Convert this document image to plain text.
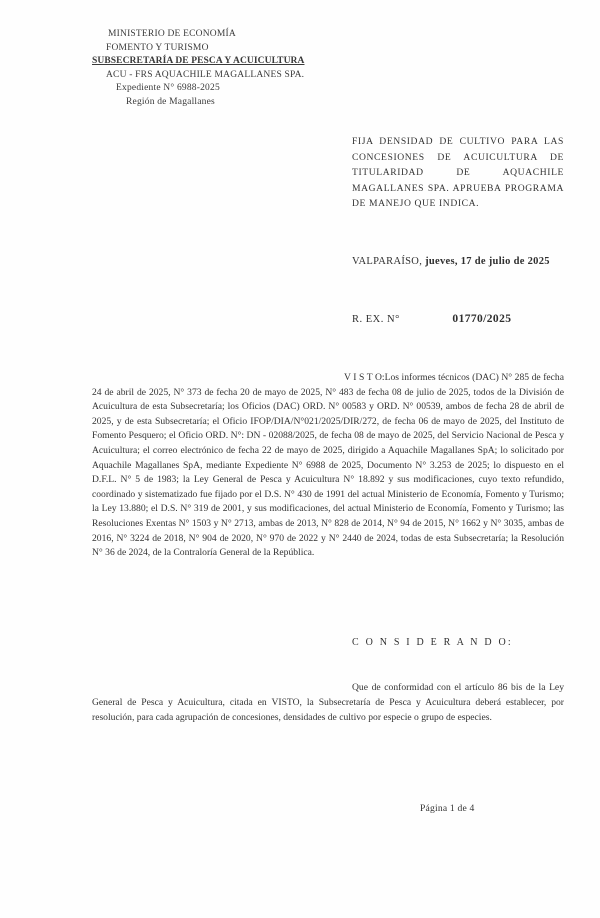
MINISTERIO DE ECONOMÍA
FOMENTO Y TURISMO
SUBSECRETARÍA DE PESCA Y ACUICULTURA
ACU - FRS AQUACHILE MAGALLANES SPA.
Expediente N° 6988-2025
Región de Magallanes
FIJA DENSIDAD DE CULTIVO PARA LAS CONCESIONES DE ACUICULTURA DE TITULARIDAD DE AQUACHILE MAGALLANES SPA. APRUEBA PROGRAMA DE MANEJO QUE INDICA.
VALPARAÍSO, jueves, 17 de julio de 2025
R. EX. N°	01770/2025
V I S T O:Los informes técnicos (DAC) N° 285 de fecha 24 de abril de 2025, N° 373 de fecha 20 de mayo de 2025, N° 483 de fecha 08 de julio de 2025, todos de la División de Acuicultura de esta Subsecretaría; los Oficios (DAC) ORD. N° 00583 y ORD. N° 00539, ambos de fecha 28 de abril de 2025, y de esta Subsecretaría; el Oficio IFOP/DIA/N°021/2025/DIR/272, de fecha 06 de mayo de 2025, del Instituto de Fomento Pesquero; el Oficio ORD. N°: DN - 02088/2025, de fecha 08 de mayo de 2025, del Servicio Nacional de Pesca y Acuicultura; el correo electrónico de fecha 22 de mayo de 2025, dirigido a Aquachile Magallanes SpA; lo solicitado por Aquachile Magallanes SpA, mediante Expediente N° 6988 de 2025, Documento N° 3.253 de 2025; lo dispuesto en el D.F.L. N° 5 de 1983; la Ley General de Pesca y Acuicultura N° 18.892 y sus modificaciones, cuyo texto refundido, coordinado y sistematizado fue fijado por el D.S. N° 430 de 1991 del actual Ministerio de Economía, Fomento y Turismo; la Ley 13.880; el D.S. N° 319 de 2001, y sus modificaciones, del actual Ministerio de Economía, Fomento y Turismo; las Resoluciones Exentas N° 1503 y N° 2713, ambas de 2013, N° 828 de 2014, N° 94 de 2015, N° 1662 y N° 3035, ambas de 2016, N° 3224 de 2018, N° 904 de 2020, N° 970 de 2022 y N° 2440 de 2024, todas de esta Subsecretaría; la Resolución N° 36 de 2024, de la Contraloría General de la República.
C O N S I D E R A N D O:
Que de conformidad con el artículo 86 bis de la Ley General de Pesca y Acuicultura, citada en VISTO, la Subsecretaría de Pesca y Acuicultura deberá establecer, por resolución, para cada agrupación de concesiones, densidades de cultivo por especie o grupo de especies.
Página 1 de 4
